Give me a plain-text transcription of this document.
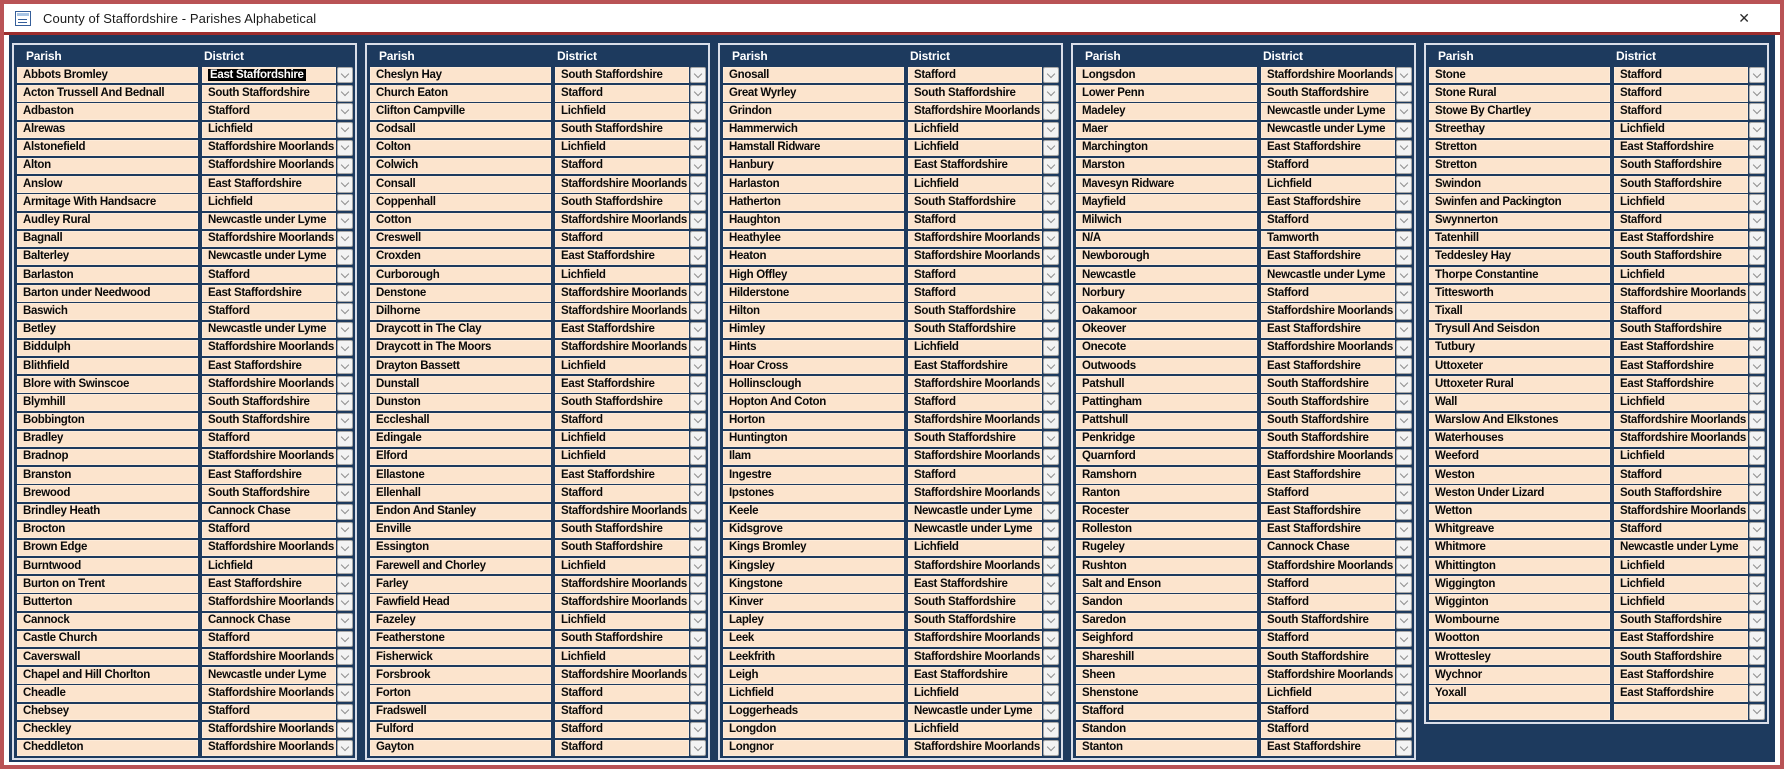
County of Staffordshire - Parishes Alphabetical	✕
Parish	District
Abbots Bromley	East Staffordshire
Acton Trussell And Bednall	South Staffordshire
Adbaston	Stafford
Alrewas	Lichfield
Alstonefield	Staffordshire Moorlands
Alton	Staffordshire Moorlands
Anslow	East Staffordshire
Armitage With Handsacre	Lichfield
Audley Rural	Newcastle under Lyme
Bagnall	Staffordshire Moorlands
Balterley	Newcastle under Lyme
Barlaston	Stafford
Barton under Needwood	East Staffordshire
Baswich	Stafford
Betley	Newcastle under Lyme
Biddulph	Staffordshire Moorlands
Blithfield	East Staffordshire
Blore with Swinscoe	Staffordshire Moorlands
Blymhill	South Staffordshire
Bobbington	South Staffordshire
Bradley	Stafford
Bradnop	Staffordshire Moorlands
Branston	East Staffordshire
Brewood	South Staffordshire
Brindley Heath	Cannock Chase
Brocton	Stafford
Brown Edge	Staffordshire Moorlands
Burntwood	Lichfield
Burton on Trent	East Staffordshire
Butterton	Staffordshire Moorlands
Cannock	Cannock Chase
Castle Church	Stafford
Caverswall	Staffordshire Moorlands
Chapel and Hill Chorlton	Newcastle under Lyme
Cheadle	Staffordshire Moorlands
Chebsey	Stafford
Checkley	Staffordshire Moorlands
Cheddleton	Staffordshire Moorlands
Parish	District
Cheslyn Hay	South Staffordshire
Church Eaton	Stafford
Clifton Campville	Lichfield
Codsall	South Staffordshire
Colton	Lichfield
Colwich	Stafford
Consall	Staffordshire Moorlands
Coppenhall	South Staffordshire
Cotton	Staffordshire Moorlands
Creswell	Stafford
Croxden	East Staffordshire
Curborough	Lichfield
Denstone	Staffordshire Moorlands
Dilhorne	Staffordshire Moorlands
Draycott in The Clay	East Staffordshire
Draycott in The Moors	Staffordshire Moorlands
Drayton Bassett	Lichfield
Dunstall	East Staffordshire
Dunston	South Staffordshire
Eccleshall	Stafford
Edingale	Lichfield
Elford	Lichfield
Ellastone	East Staffordshire
Ellenhall	Stafford
Endon And Stanley	Staffordshire Moorlands
Enville	South Staffordshire
Essington	South Staffordshire
Farewell and Chorley	Lichfield
Farley	Staffordshire Moorlands
Fawfield Head	Staffordshire Moorlands
Fazeley	Lichfield
Featherstone	South Staffordshire
Fisherwick	Lichfield
Forsbrook	Staffordshire Moorlands
Forton	Stafford
Fradswell	Stafford
Fulford	Stafford
Gayton	Stafford
Parish	District
Gnosall	Stafford
Great Wyrley	South Staffordshire
Grindon	Staffordshire Moorlands
Hammerwich	Lichfield
Hamstall Ridware	Lichfield
Hanbury	East Staffordshire
Harlaston	Lichfield
Hatherton	South Staffordshire
Haughton	Stafford
Heathylee	Staffordshire Moorlands
Heaton	Staffordshire Moorlands
High Offley	Stafford
Hilderstone	Stafford
Hilton	South Staffordshire
Himley	South Staffordshire
Hints	Lichfield
Hoar Cross	East Staffordshire
Hollinsclough	Staffordshire Moorlands
Hopton And Coton	Stafford
Horton	Staffordshire Moorlands
Huntington	South Staffordshire
Ilam	Staffordshire Moorlands
Ingestre	Stafford
Ipstones	Staffordshire Moorlands
Keele	Newcastle under Lyme
Kidsgrove	Newcastle under Lyme
Kings Bromley	Lichfield
Kingsley	Staffordshire Moorlands
Kingstone	East Staffordshire
Kinver	South Staffordshire
Lapley	South Staffordshire
Leek	Staffordshire Moorlands
Leekfrith	Staffordshire Moorlands
Leigh	East Staffordshire
Lichfield	Lichfield
Loggerheads	Newcastle under Lyme
Longdon	Lichfield
Longnor	Staffordshire Moorlands
Parish	District
Longsdon	Staffordshire Moorlands
Lower Penn	South Staffordshire
Madeley	Newcastle under Lyme
Maer	Newcastle under Lyme
Marchington	East Staffordshire
Marston	Stafford
Mavesyn Ridware	Lichfield
Mayfield	East Staffordshire
Milwich	Stafford
N/A	Tamworth
Newborough	East Staffordshire
Newcastle	Newcastle under Lyme
Norbury	Stafford
Oakamoor	Staffordshire Moorlands
Okeover	East Staffordshire
Onecote	Staffordshire Moorlands
Outwoods	East Staffordshire
Patshull	South Staffordshire
Pattingham	South Staffordshire
Pattshull	South Staffordshire
Penkridge	South Staffordshire
Quarnford	Staffordshire Moorlands
Ramshorn	East Staffordshire
Ranton	Stafford
Rocester	East Staffordshire
Rolleston	East Staffordshire
Rugeley	Cannock Chase
Rushton	Staffordshire Moorlands
Salt and Enson	Stafford
Sandon	Stafford
Saredon	South Staffordshire
Seighford	Stafford
Shareshill	South Staffordshire
Sheen	Staffordshire Moorlands
Shenstone	Lichfield
Stafford	Stafford
Standon	Stafford
Stanton	East Staffordshire
Parish	District
Stone	Stafford
Stone Rural	Stafford
Stowe By Chartley	Stafford
Streethay	Lichfield
Stretton	East Staffordshire
Stretton	South Staffordshire
Swindon	South Staffordshire
Swinfen and Packington	Lichfield
Swynnerton	Stafford
Tatenhill	East Staffordshire
Teddesley Hay	South Staffordshire
Thorpe Constantine	Lichfield
Tittesworth	Staffordshire Moorlands
Tixall	Stafford
Trysull And Seisdon	South Staffordshire
Tutbury	East Staffordshire
Uttoxeter	East Staffordshire
Uttoxeter Rural	East Staffordshire
Wall	Lichfield
Warslow And Elkstones	Staffordshire Moorlands
Waterhouses	Staffordshire Moorlands
Weeford	Lichfield
Weston	Stafford
Weston Under Lizard	South Staffordshire
Wetton	Staffordshire Moorlands
Whitgreave	Stafford
Whitmore	Newcastle under Lyme
Whittington	Lichfield
Wiggington	Lichfield
Wigginton	Lichfield
Wombourne	South Staffordshire
Wootton	East Staffordshire
Wrottesley	South Staffordshire
Wychnor	East Staffordshire
Yoxall	East Staffordshire
